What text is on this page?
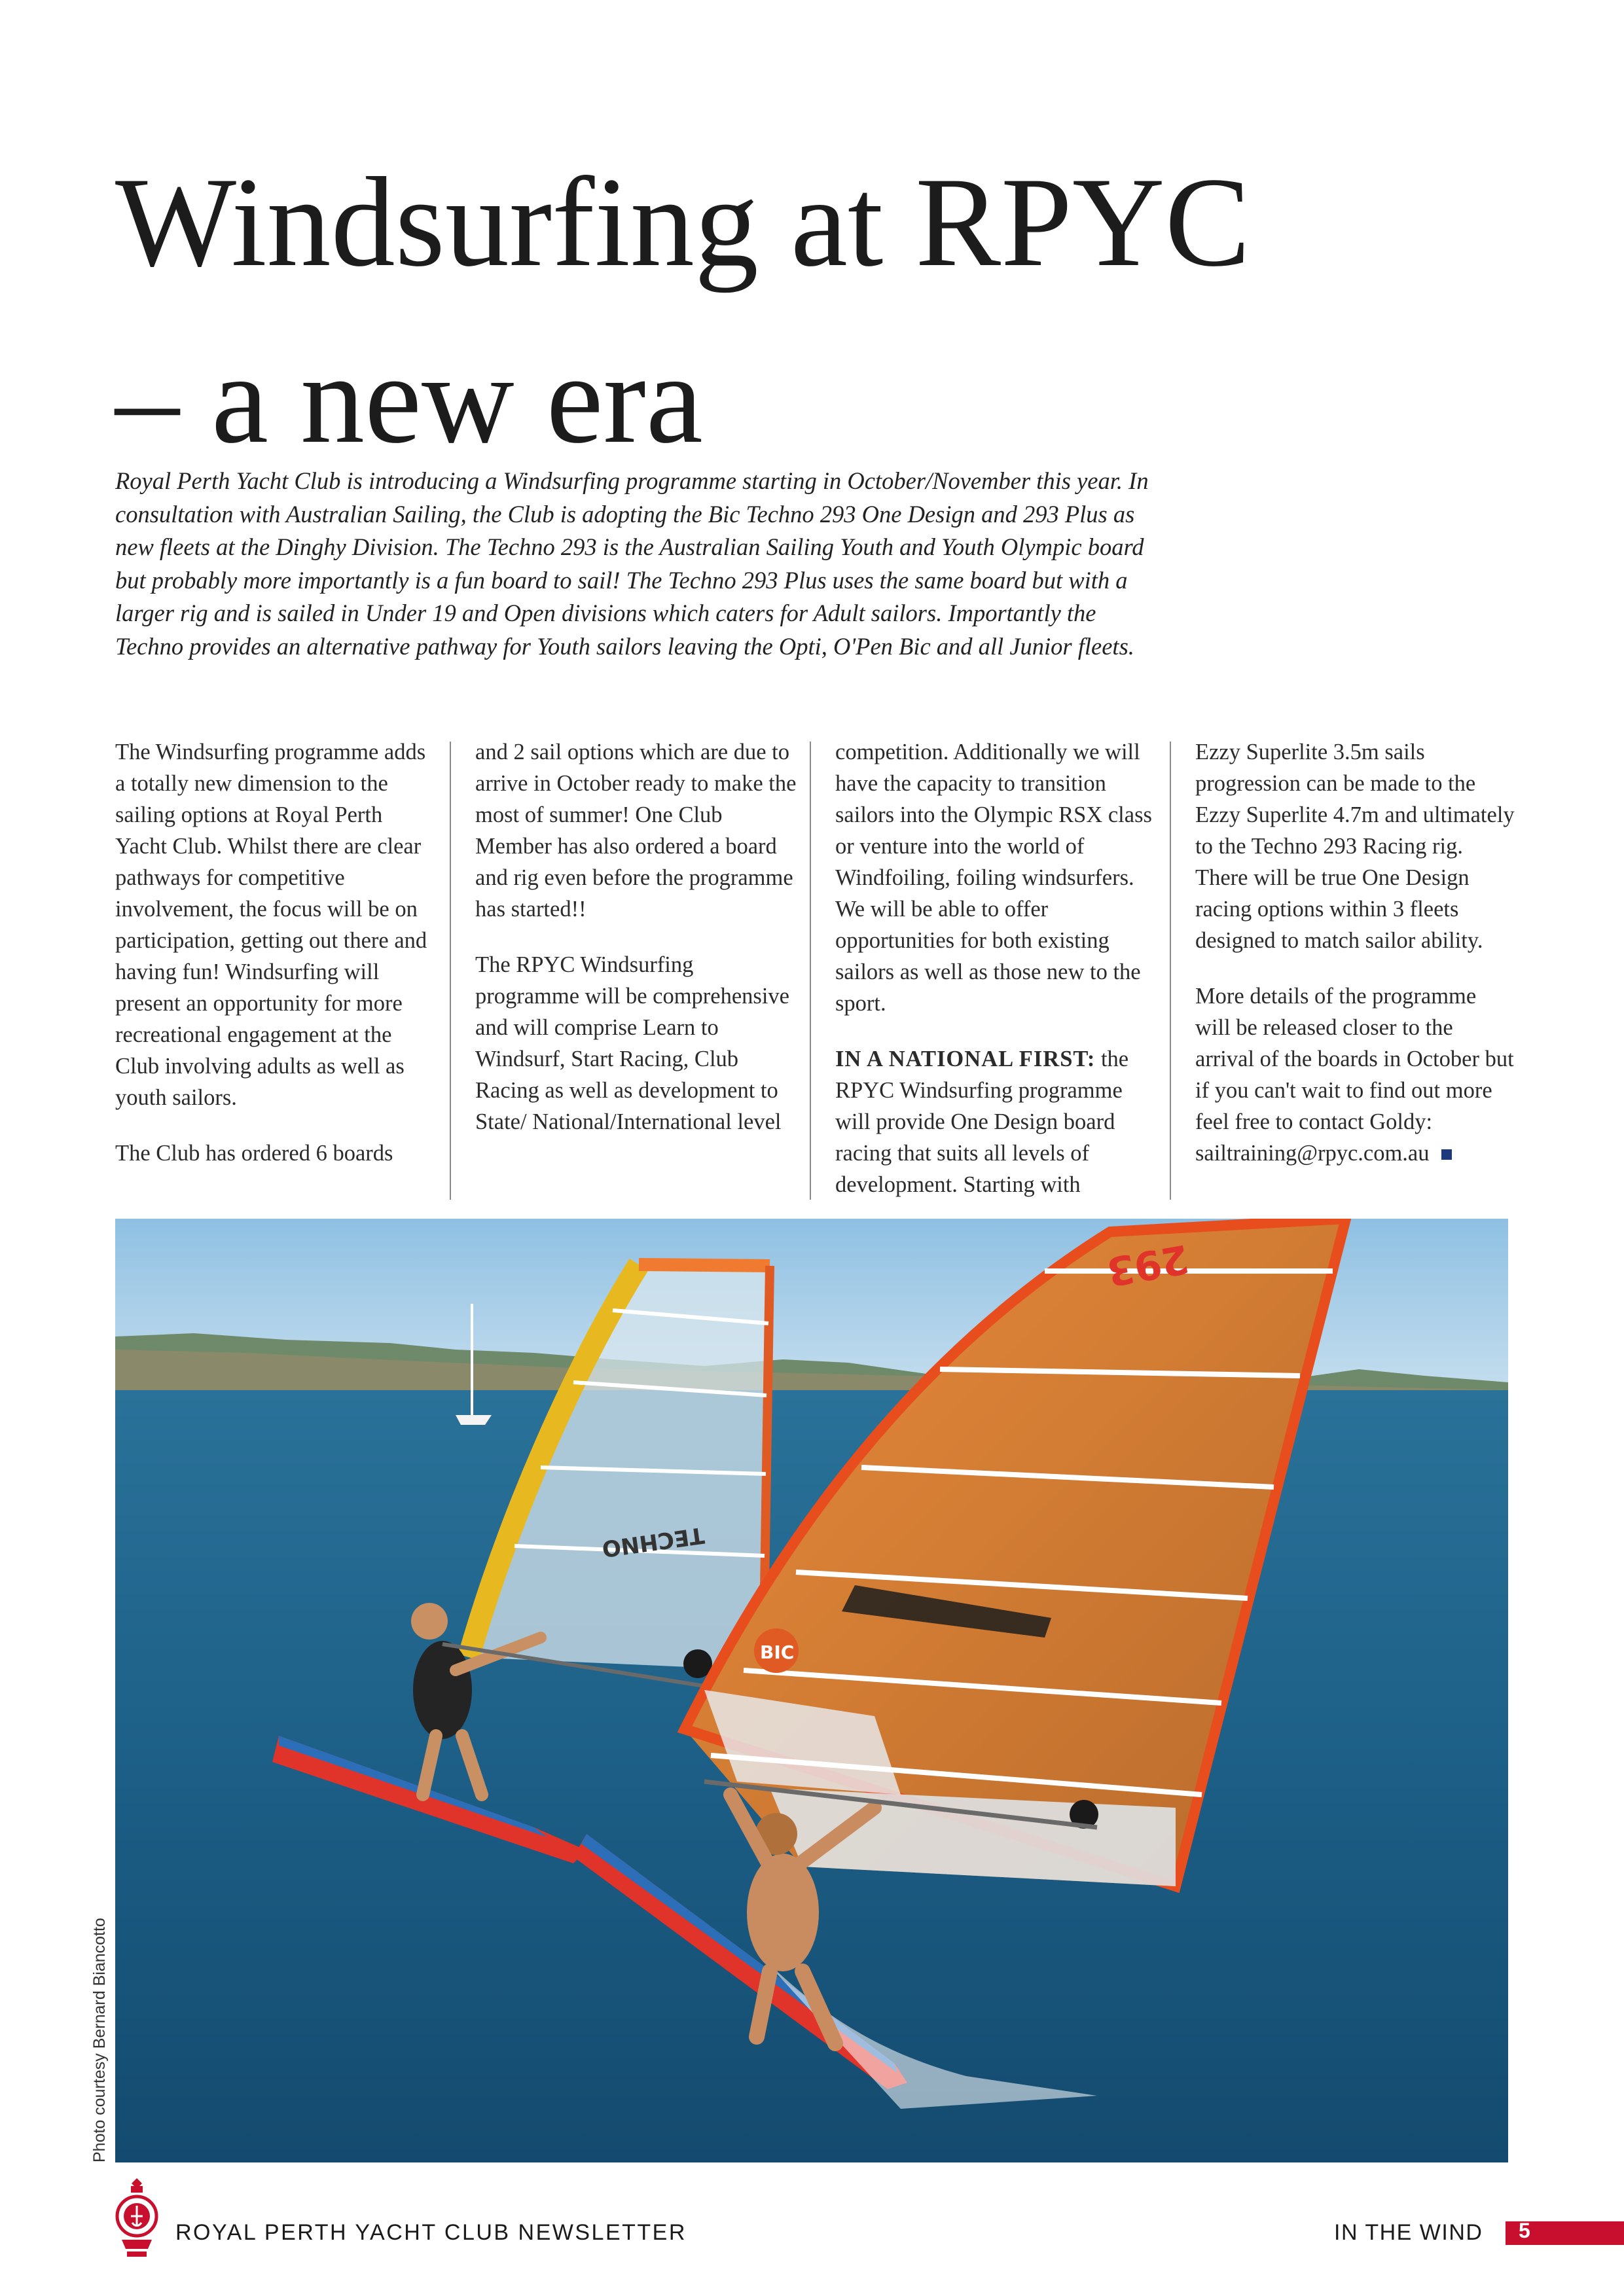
Windsurfing at RPYC
– a new era

Royal Perth Yacht Club is introducing a Windsurfing programme starting in October/November this year. In consultation with Australian Sailing, the Club is adopting the Bic Techno 293 One Design and 293 Plus as new fleets at the Dinghy Division. The Techno 293 is the Australian Sailing Youth and Youth Olympic board but probably more importantly is a fun board to sail! The Techno 293 Plus uses the same board but with a larger rig and is sailed in Under 19 and Open divisions which caters for Adult sailors. Importantly the Techno provides an alternative pathway for Youth sailors leaving the Opti, O'Pen Bic and all Junior fleets.

The Windsurfing programme adds a totally new dimension to the sailing options at Royal Perth Yacht Club. Whilst there are clear pathways for competitive involvement, the focus will be on participation, getting out there and having fun! Windsurfing will present an opportunity for more recreational engagement at the Club involving adults as well as youth sailors.

The Club has ordered 6 boards

and 2 sail options which are due to arrive in October ready to make the most of summer! One Club Member has also ordered a board and rig even before the programme has started!!

The RPYC Windsurfing programme will be comprehensive and will comprise Learn to Windsurf, Start Racing, Club Racing as well as development to State/ National/International level

competition. Additionally we will have the capacity to transition sailors into the Olympic RSX class or venture into the world of Windfoiling, foiling windsurfers. We will be able to offer opportunities for both existing sailors as well as those new to the sport.

IN A NATIONAL FIRST: the RPYC Windsurfing programme will provide One Design board racing that suits all levels of development. Starting with

Ezzy Superlite 3.5m sails progression can be made to the Ezzy Superlite 4.7m and ultimately to the Techno 293 Racing rig. There will be true One Design racing options within 3 fleets designed to match sailor ability.

More details of the programme will be released closer to the arrival of the boards in October but if you can't wait to find out more feel free to contact Goldy: sailtraining@rpyc.com.au

TECHNO
293
BIC
Photo courtesy Bernard Biancotto
ROYAL PERTH YACHT CLUB NEWSLETTER	IN THE WIND 5
